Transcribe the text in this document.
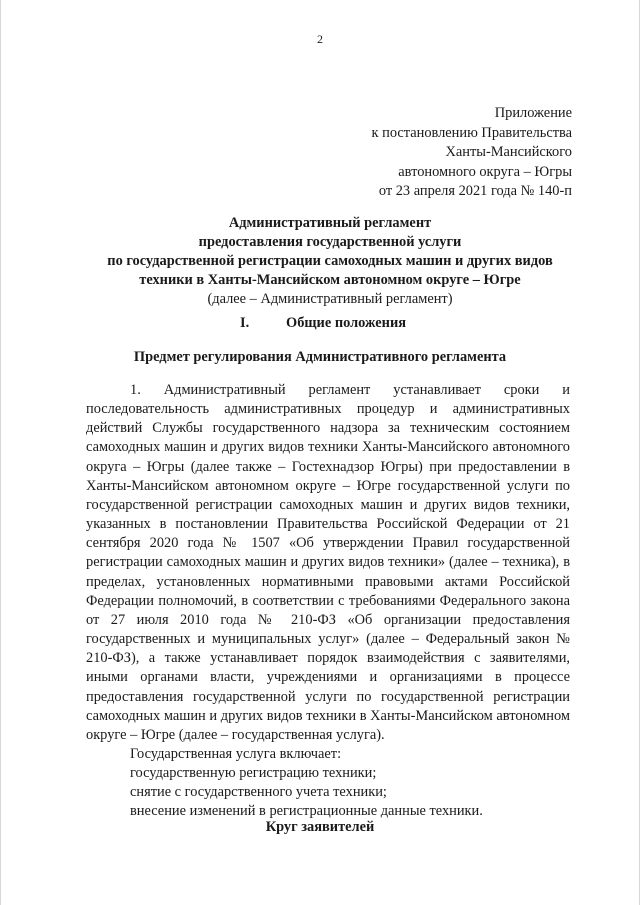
2
Приложение
к постановлению Правительства
Ханты-Мансийского
автономного округа – Югры
от 23 апреля 2021 года № 140-п
Административный регламент
предоставления государственной услуги
по государственной регистрации самоходных машин и других видов
техники в Ханты-Мансийском автономном округе – Югре
(далее – Административный регламент)
I.	Общие положения
Предмет регулирования Административного регламента

1. Административный регламент устанавливает сроки и последовательность административных процедур и административных действий Службы государственного надзора за техническим состоянием самоходных машин и других видов техники Ханты-Мансийского автономного округа – Югры (далее также – Гостехнадзор Югры) при предоставлении в Ханты-Мансийском автономном округе – Югре государственной услуги по государственной регистрации самоходных машин и других видов техники, указанных в постановлении Правительства Российской Федерации от 21 сентября 2020 года № 1507 «Об утверждении Правил государственной регистрации самоходных машин и других видов техники» (далее – техника), в пределах, установленных нормативными правовыми актами Российской Федерации полномочий, в соответствии с требованиями Федерального закона от 27 июля 2010 года № 210-ФЗ «Об организации предоставления государственных и муниципальных услуг» (далее – Федеральный закон № 210-ФЗ), а также устанавливает порядок взаимодействия с заявителями, иными органами власти, учреждениями и организациями в процессе предоставления государственной услуги по государственной регистрации самоходных машин и других видов техники в Ханты-Мансийском автономном округе – Югре (далее – государственная услуга).

Государственная услуга включает:

государственную регистрацию техники;

снятие с государственного учета техники;

внесение изменений в регистрационные данные техники.

Круг заявителей
